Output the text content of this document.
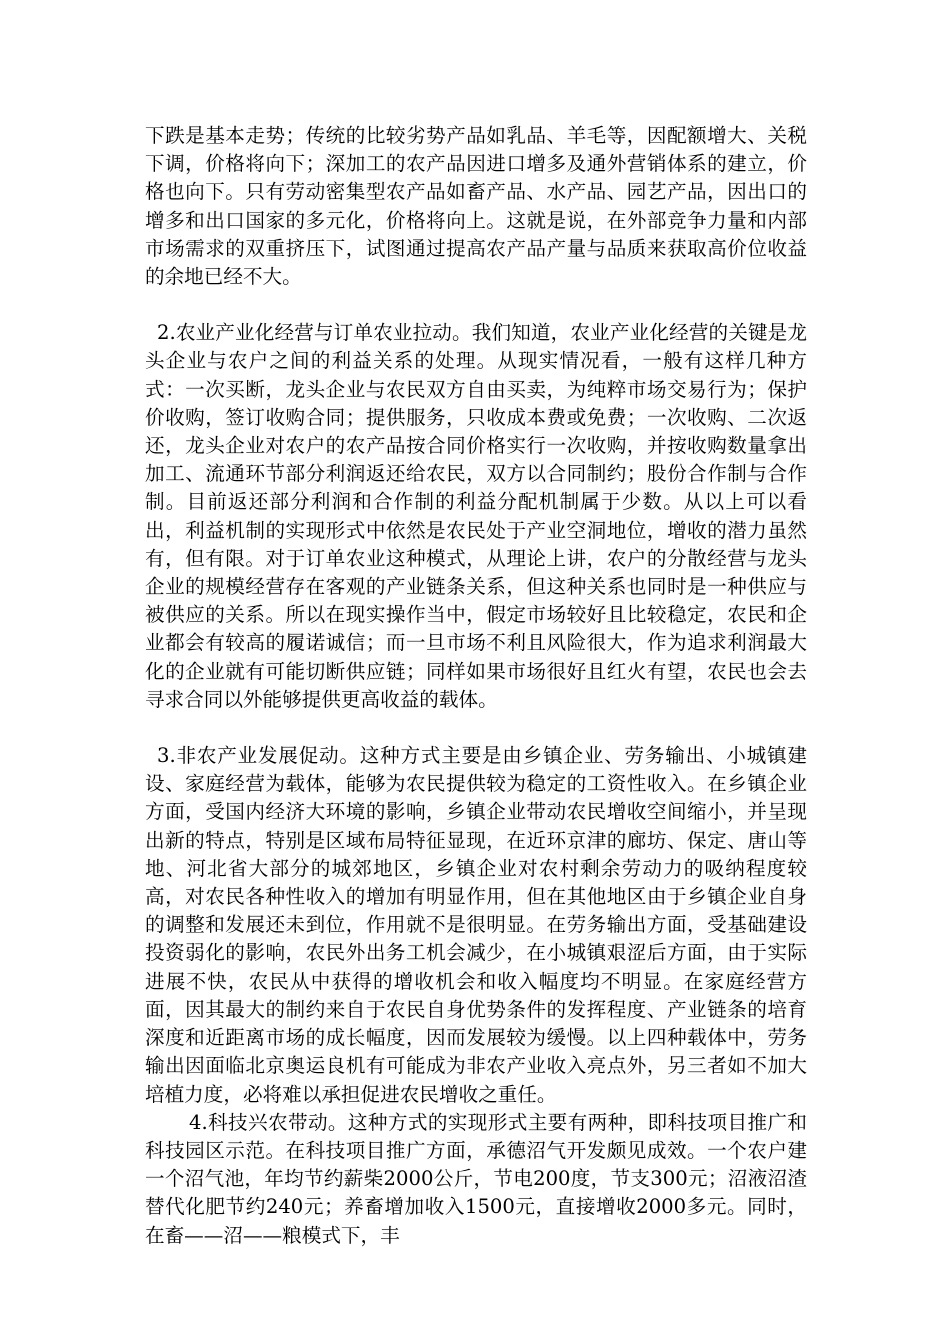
下跌是基本走势；传统的比较劣势产品如乳品、羊毛等，因配额增大、关税下调，价格将向下；深加工的农产品因进口增多及通外营销体系的建立，价格也向下。只有劳动密集型农产品如畜产品、水产品、园艺产品，因出口的增多和出口国家的多元化，价格将向上。这就是说，在外部竞争力量和内部市场需求的双重挤压下，试图通过提高农产品产量与品质来获取高价位收益的余地已经不大。

2.农业产业化经营与订单农业拉动。我们知道，农业产业化经营的关键是龙头企业与农户之间的利益关系的处理。从现实情况看，一般有这样几种方式：一次买断，龙头企业与农民双方自由买卖，为纯粹市场交易行为；保护价收购，签订收购合同；提供服务，只收成本费或免费；一次收购、二次返还，龙头企业对农户的农产品按合同价格实行一次收购，并按收购数量拿出加工、流通环节部分利润返还给农民，双方以合同制约；股份合作制与合作制。目前返还部分利润和合作制的利益分配机制属于少数。从以上可以看出，利益机制的实现形式中依然是农民处于产业空洞地位，增收的潜力虽然有，但有限。对于订单农业这种模式，从理论上讲，农户的分散经营与龙头企业的规模经营存在客观的产业链条关系，但这种关系也同时是一种供应与被供应的关系。所以在现实操作当中，假定市场较好且比较稳定，农民和企业都会有较高的履诺诚信；而一旦市场不利且风险很大，作为追求利润最大化的企业就有可能切断供应链；同样如果市场很好且红火有望，农民也会去寻求合同以外能够提供更高收益的载体。

3.非农产业发展促动。这种方式主要是由乡镇企业、劳务输出、小城镇建设、家庭经营为载体，能够为农民提供较为稳定的工资性收入。在乡镇企业方面，受国内经济大环境的影响，乡镇企业带动农民增收空间缩小，并呈现出新的特点，特别是区域布局特征显现，在近环京津的廊坊、保定、唐山等地、河北省大部分的城郊地区，乡镇企业对农村剩余劳动力的吸纳程度较高，对农民各种性收入的增加有明显作用，但在其他地区由于乡镇企业自身的调整和发展还未到位，作用就不是很明显。在劳务输出方面，受基础建设投资弱化的影响，农民外出务工机会减少，在小城镇艰涩后方面，由于实际进展不快，农民从中获得的增收机会和收入幅度均不明显。在家庭经营方面，因其最大的制约来自于农民自身优势条件的发挥程度、产业链条的培育深度和近距离市场的成长幅度，因而发展较为缓慢。以上四种载体中，劳务输出因面临北京奥运良机有可能成为非农产业收入亮点外，另三者如不加大培植力度，必将难以承担促进农民增收之重任。

4.科技兴农带动。这种方式的实现形式主要有两种，即科技项目推广和科技园区示范。在科技项目推广方面，承德沼气开发颇见成效。一个农户建一个沼气池，年均节约薪柴2000公斤，节电200度，节支300元；沼液沼渣替代化肥节约240元；养畜增加收入1500元，直接增收2000多元。同时，在畜——沼——粮模式下，丰
